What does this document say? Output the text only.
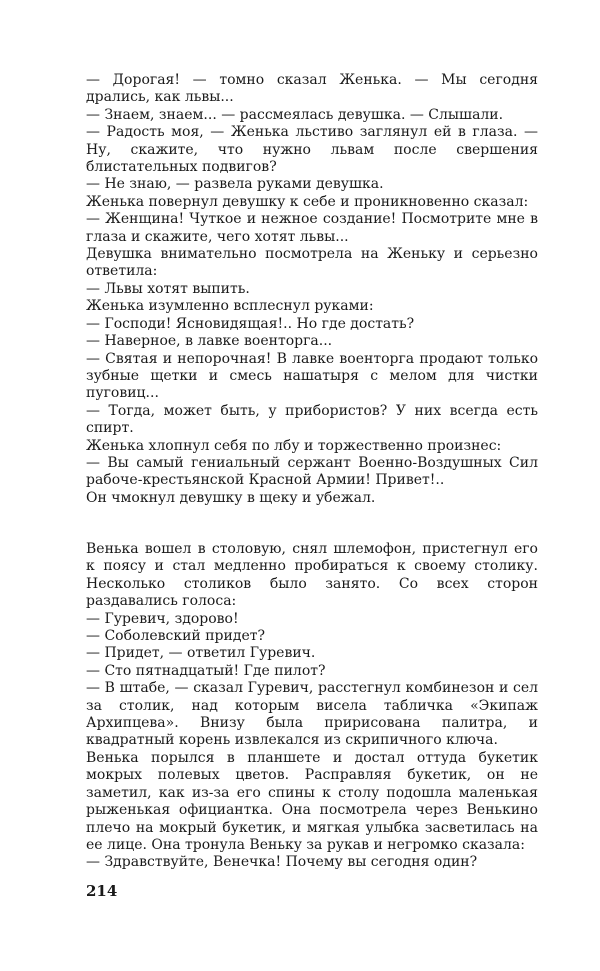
— Дорогая! — томно сказал Женька. — Мы сегодня дрались, как львы...

— Знаем, знаем... — рассмеялась девушка. — Слышали.

— Радость моя, — Женька льстиво заглянул ей в глаза. — Ну, скажите, что нужно львам после свершения блистательных подвигов?

— Не знаю, — развела руками девушка.

Женька повернул девушку к себе и проникновенно сказал:

— Женщина! Чуткое и нежное создание! Посмотрите мне в глаза и скажите, чего хотят львы...

Девушка внимательно посмотрела на Женьку и серьезно ответила:

— Львы хотят выпить.

Женька изумленно всплеснул руками:

— Господи! Ясновидящая!.. Но где достать?

— Наверное, в лавке военторга...

— Святая и непорочная! В лавке военторга продают только зубные щетки и смесь нашатыря с мелом для чистки пуговиц...

— Тогда, может быть, у прибористов? У них всегда есть спирт.

Женька хлопнул себя по лбу и торжественно произнес:

— Вы самый гениальный сержант Военно-Воздушных Сил рабоче-крестьянской Красной Армии! Привет!..

Он чмокнул девушку в щеку и убежал.

Венька вошел в столовую, снял шлемофон, пристегнул его к поясу и стал медленно пробираться к своему столику. Несколько столиков было занято. Со всех сторон раздавались голоса:

— Гуревич, здорово!

— Соболевский придет?

— Придет, — ответил Гуревич.

— Сто пятнадцатый! Где пилот?

— В штабе, — сказал Гуревич, расстегнул комбинезон и сел за столик, над которым висела табличка «Экипаж Архипцева». Внизу была пририсована палитра, и квадратный корень извлекался из скрипичного ключа.

Венька порылся в планшете и достал оттуда букетик мокрых полевых цветов. Расправляя букетик, он не заметил, как из-за его спины к столу подошла маленькая рыженькая официантка. Она посмотрела через Венькино плечо на мокрый букетик, и мягкая улыбка засветилась на ее лице. Она тронула Веньку за рукав и негромко сказала:

— Здравствуйте, Венечка! Почему вы сегодня один?

214
